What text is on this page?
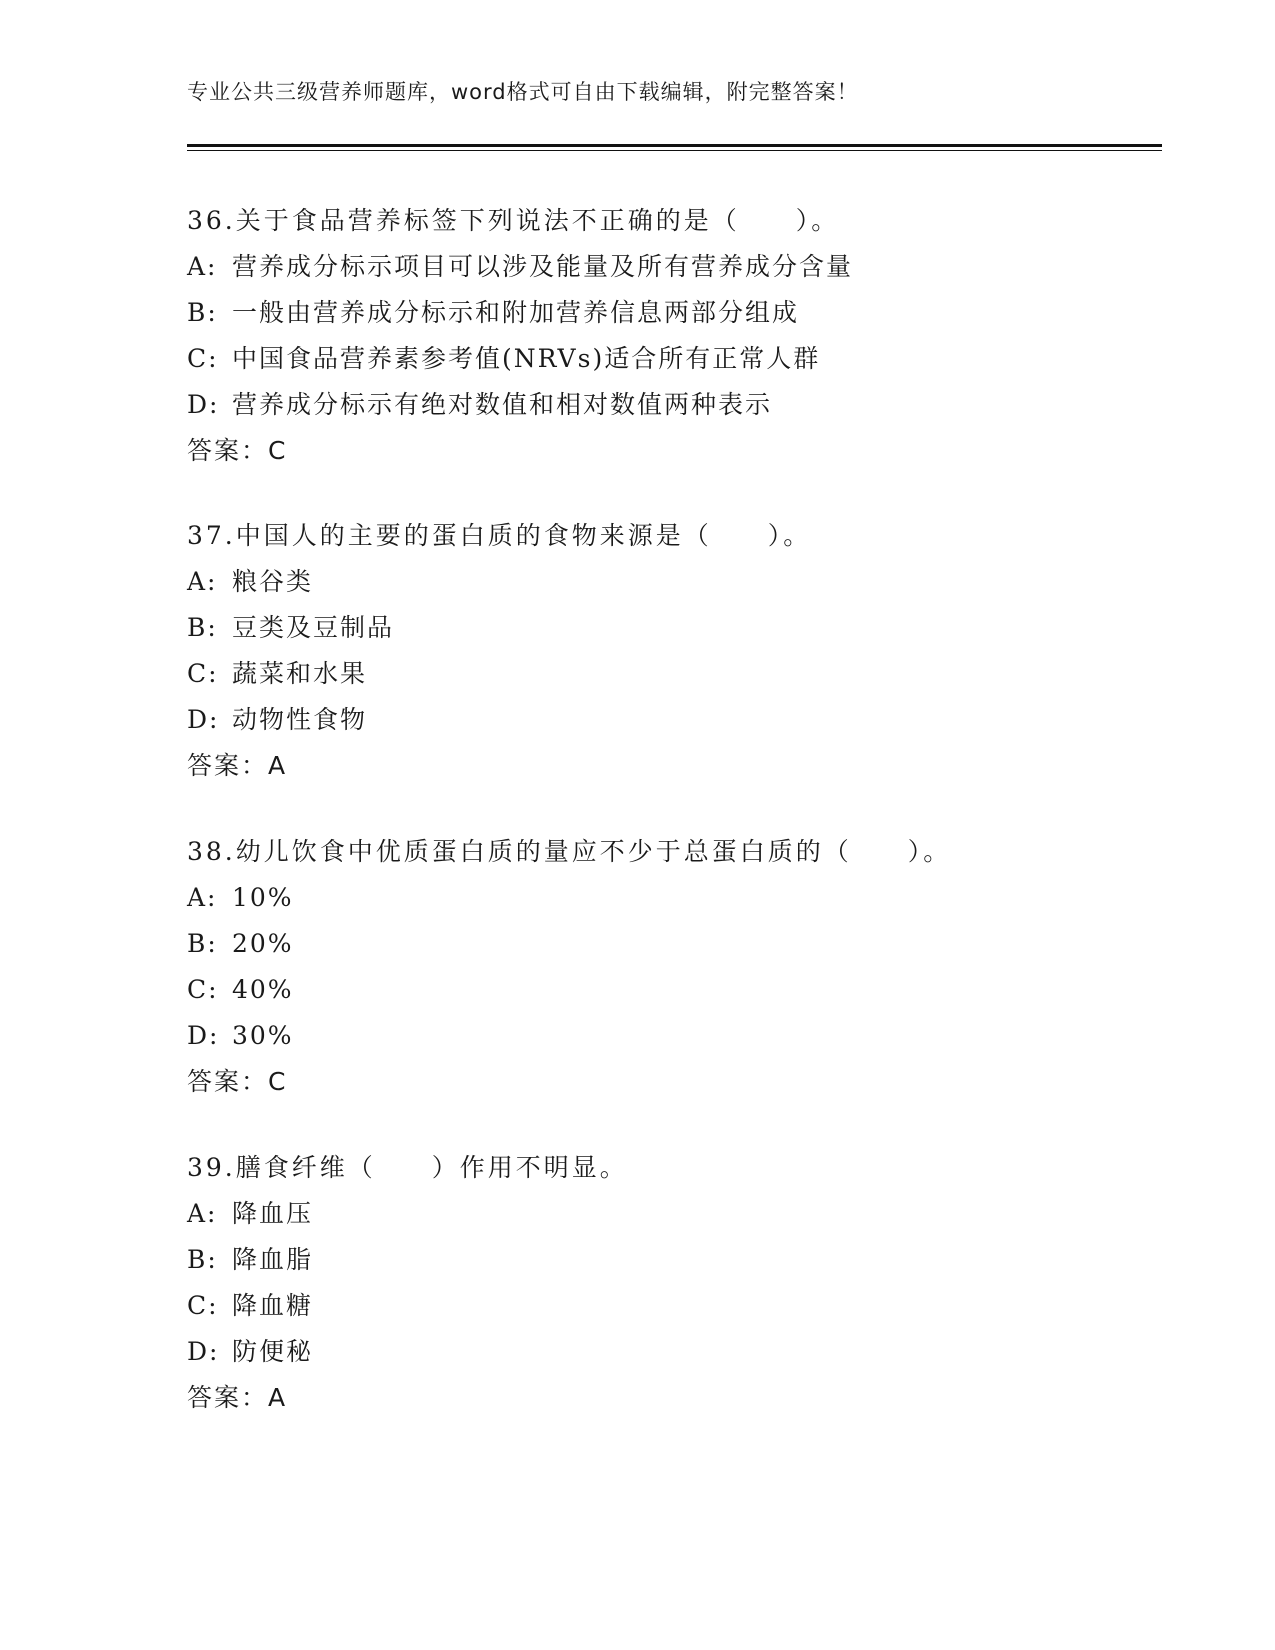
专业公共三级营养师题库，word格式可自由下载编辑，附完整答案！
36.关于食品营养标签下列说法不正确的是（　　）。
A: 营养成分标示项目可以涉及能量及所有营养成分含量
B: 一般由营养成分标示和附加营养信息两部分组成
C: 中国食品营养素参考值(NRVs)适合所有正常人群
D: 营养成分标示有绝对数值和相对数值两种表示
答案：C
37.中国人的主要的蛋白质的食物来源是（　　）。
A: 粮谷类
B: 豆类及豆制品
C: 蔬菜和水果
D: 动物性食物
答案：A
38.幼儿饮食中优质蛋白质的量应不少于总蛋白质的（　　）。
A: 10%
B: 20%
C: 40%
D: 30%
答案：C
39.膳食纤维（　　）作用不明显。
A: 降血压
B: 降血脂
C: 降血糖
D: 防便秘
答案：A
